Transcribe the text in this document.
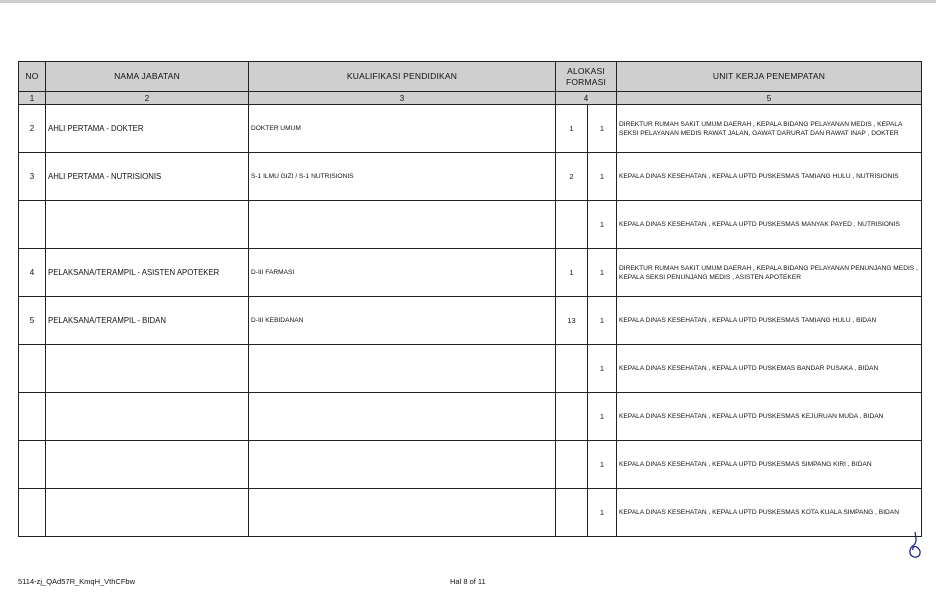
NO	NAMA JABATAN	KUALIFIKASI PENDIDIKAN	ALOKASI FORMASI		UNIT KERJA PENEMPATAN
1	2	3	4		5
2	AHLI PERTAMA - DOKTER	DOKTER UMUM	1	1	DIREKTUR RUMAH SAKIT UMUM DAERAH , KEPALA BIDANG PELAYANAN MEDIS , KEPALA SEKSI PELAYANAN MEDIS RAWAT JALAN, GAWAT DARURAT DAN RAWAT INAP , DOKTER
3	AHLI PERTAMA - NUTRISIONIS	S-1 ILMU GIZI / S-1 NUTRISIONIS	2	1	KEPALA DINAS KESEHATAN , KEPALA UPTD PUSKESMAS TAMIANG HULU , NUTRISIONIS
				1	KEPALA DINAS KESEHATAN , KEPALA UPTD PUSKESMAS MANYAK PAYED , NUTRISIONIS
4	PELAKSANA/TERAMPIL - ASISTEN APOTEKER	D-III FARMASI	1	1	DIREKTUR RUMAH SAKIT UMUM DAERAH , KEPALA BIDANG PELAYANAN PENUNJANG MEDIS , KEPALA SEKSI PENUNJANG MEDIS , ASISTEN APOTEKER
5	PELAKSANA/TERAMPIL - BIDAN	D-III KEBIDANAN	13	1	KEPALA DINAS KESEHATAN , KEPALA UPTD PUSKESMAS TAMIANG HULU , BIDAN
				1	KEPALA DINAS KESEHATAN , KEPALA UPTD PUSKEMAS BANDAR PUSAKA , BIDAN
				1	KEPALA DINAS KESEHATAN , KEPALA UPTD PUSKESMAS KEJURUAN MUDA , BIDAN
				1	KEPALA DINAS KESEHATAN , KEPALA UPTD PUSKESMAS SIMPANG KIRI , BIDAN
				1	KEPALA DINAS KESEHATAN , KEPALA UPTD PUSKESMAS KOTA KUALA SIMPANG , BIDAN
5114-zj_QAd57R_KmqH_VthCFbw	Hal 8 of 11
